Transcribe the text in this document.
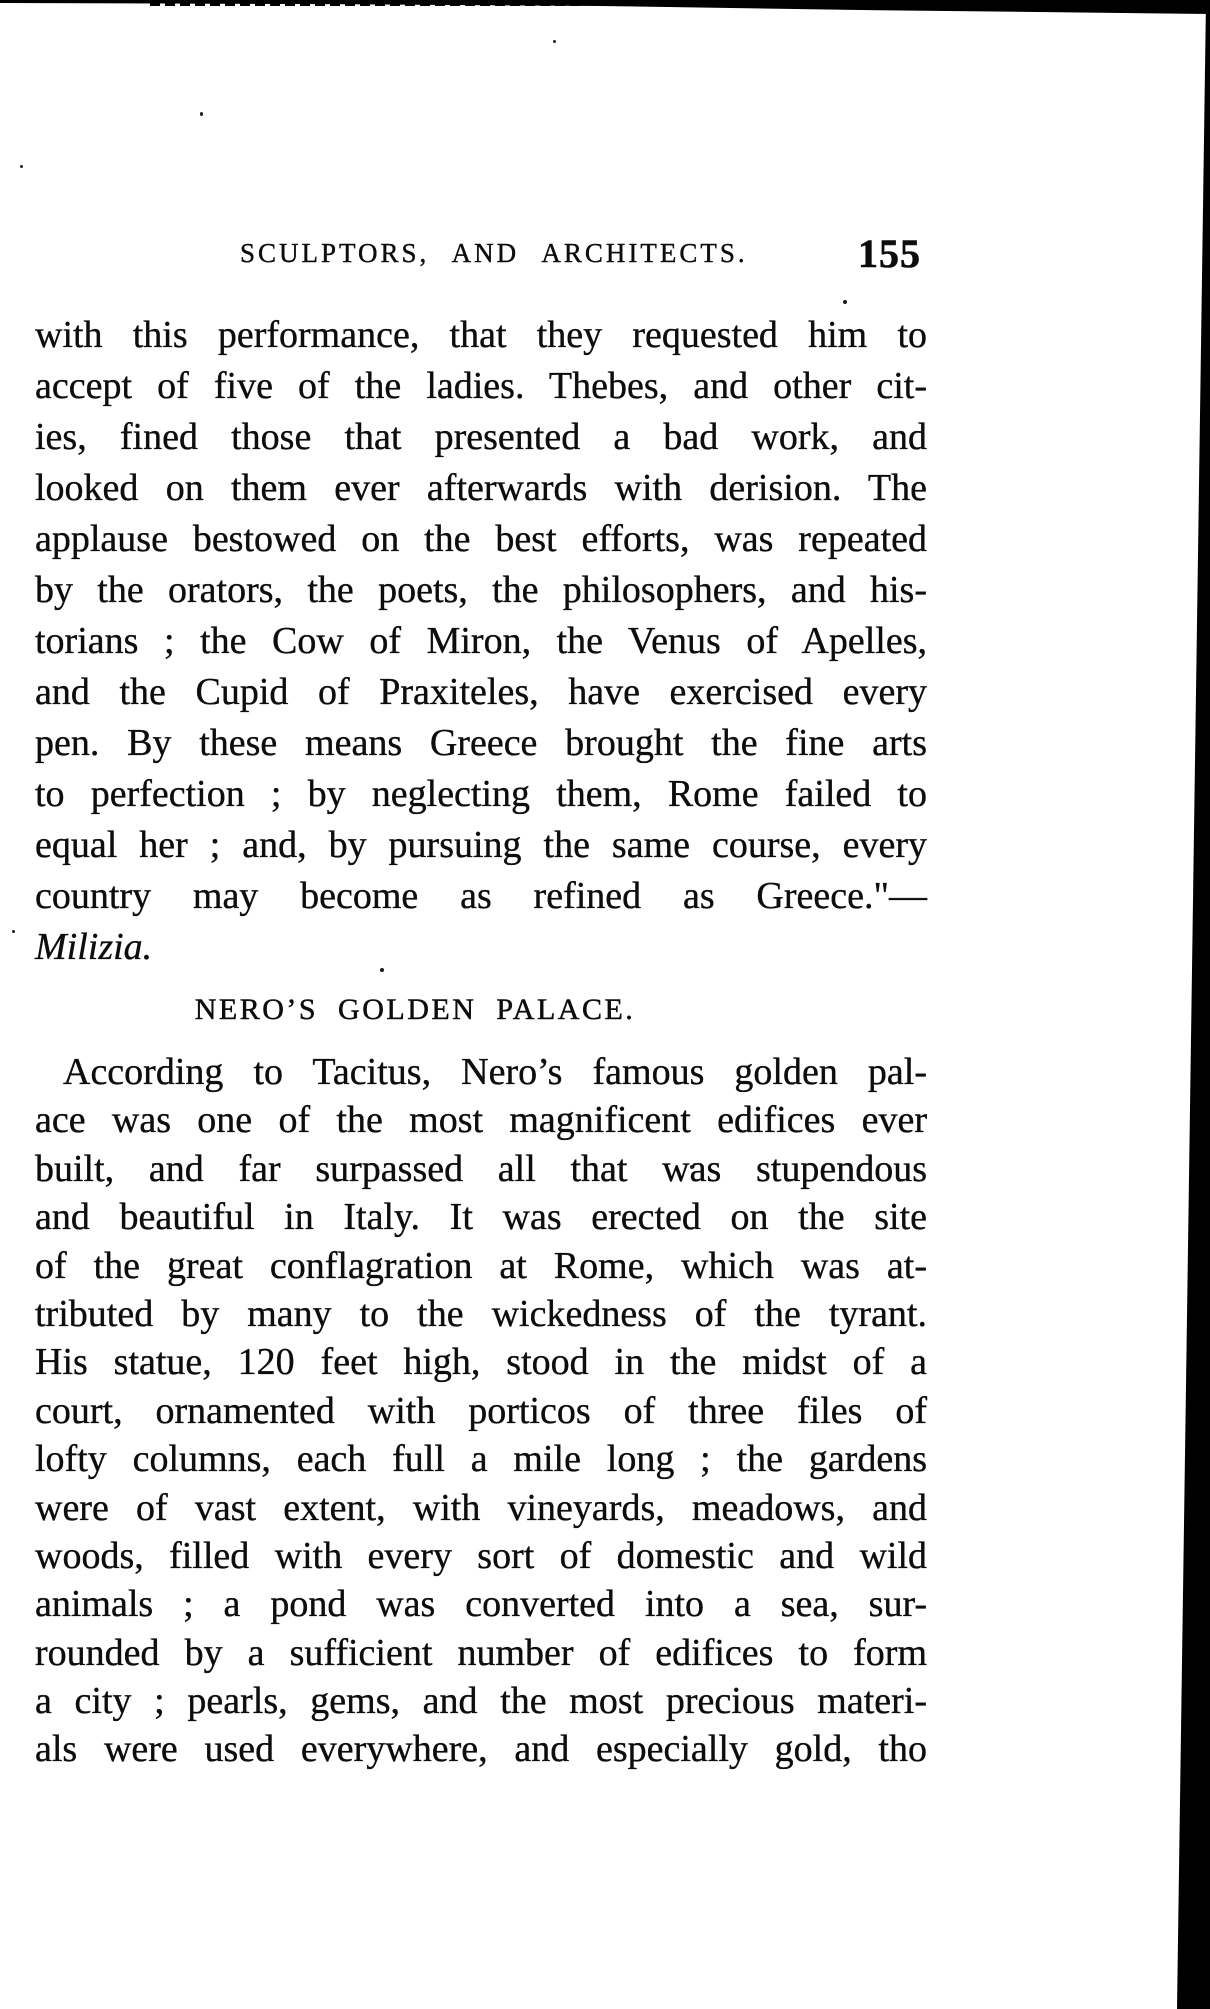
SCULPTORS, AND ARCHITECTS.	155
with this performance, that they requested him to
accept of five of the ladies. Thebes, and other cit-
ies, fined those that presented a bad work, and
looked on them ever afterwards with derision. The
applause bestowed on the best efforts, was repeated
by the orators, the poets, the philosophers, and his-
torians ; the Cow of Miron, the Venus of Apelles,
and the Cupid of Praxiteles, have exercised every
pen. By these means Greece brought the fine arts
to perfection ; by neglecting them, Rome failed to
equal her ; and, by pursuing the same course, every
country may become as refined as Greece."—
Milizia.
NERO’S GOLDEN PALACE.
According to Tacitus, Nero’s famous golden pal-
ace was one of the most magnificent edifices ever
built, and far surpassed all that was stupendous
and beautiful in Italy. It was erected on the site
of the great conflagration at Rome, which was at-
tributed by many to the wickedness of the tyrant.
His statue, 120 feet high, stood in the midst of a
court, ornamented with porticos of three files of
lofty columns, each full a mile long ; the gardens
were of vast extent, with vineyards, meadows, and
woods, filled with every sort of domestic and wild
animals ; a pond was converted into a sea, sur-
rounded by a sufficient number of edifices to form
a city ; pearls, gems, and the most precious materi-
als were used everywhere, and especially gold, tho
